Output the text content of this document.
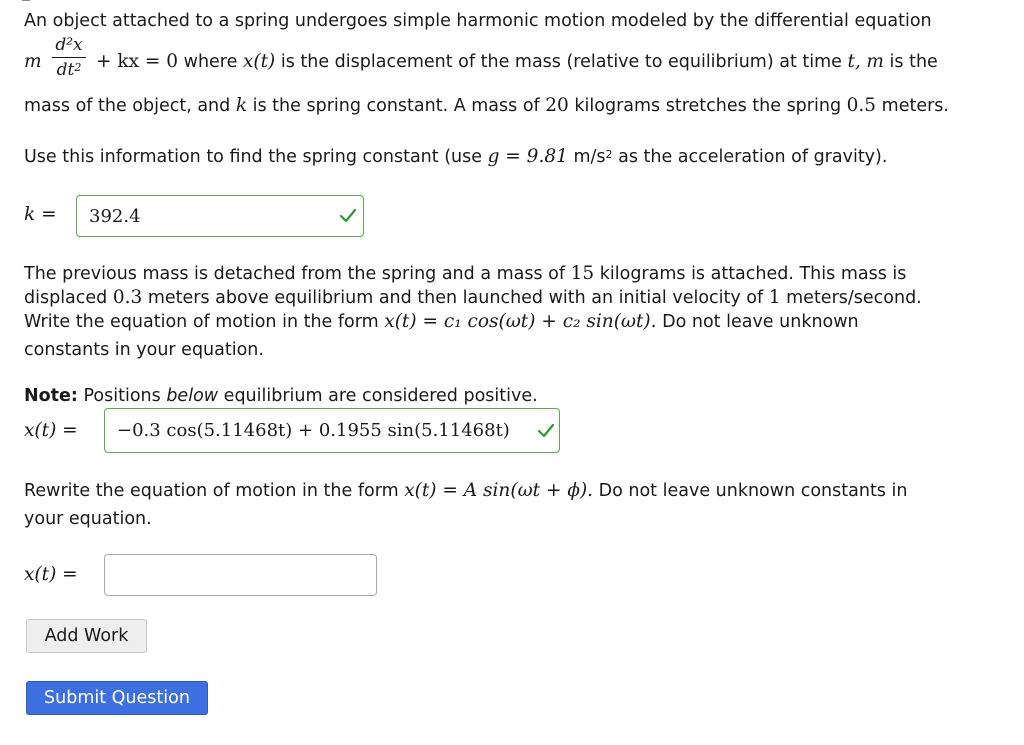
An object attached to a spring undergoes simple harmonic motion modeled by the differential equation
m
d²x
$dt^2$ + kx = 0 where x(t) is the displacement of the mass (relative to equilibrium) at time t, m is the
mass of the object, and k is the spring constant. A mass of 20 kilograms stretches the spring 0.5 meters.
Use this information to find the spring constant (use g = 9.81 $m/s^2$ as the acceleration of gravity).
k = 392.4
The previous mass is detached from the spring and a mass of 15 kilograms is attached. This mass is
displaced 0.3 meters above equilibrium and then launched with an initial velocity of 1 meters/second.
Write the equation of motion in the form x(t) = c₁ cos(ωt) + c₂ sin(ωt). Do not leave unknown
constants in your equation.
Note: Positions below equilibrium are considered positive.
x(t) = −0.3 cos(5.11468t) + 0.1955 sin(5.11468t)
Rewrite the equation of motion in the form x(t) = A sin(ωt + ϕ). Do not leave unknown constants in
your equation.
x(t) =
Add Work
Submit Question
